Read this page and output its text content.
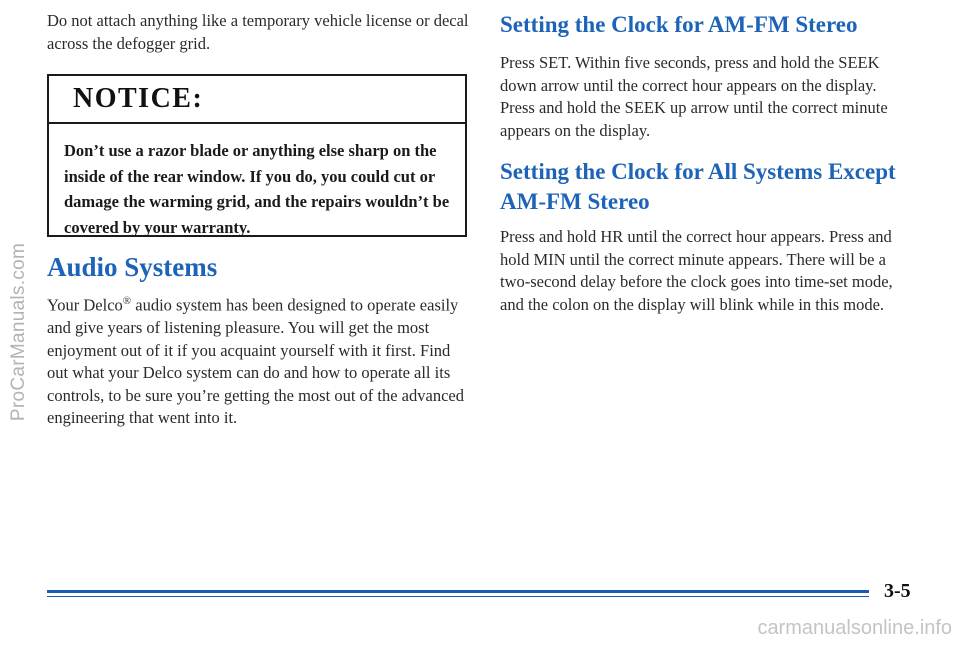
ProCarManuals.com

Do not attach anything like a temporary vehicle license or decal across the defogger grid.

NOTICE:
Don’t use a razor blade or anything else sharp on the inside of the rear window. If you do, you could cut or damage the warming grid, and the repairs wouldn’t be covered by your warranty.
Audio Systems

Your Delco® audio system has been designed to operate easily and give years of listening pleasure. You will get the most enjoyment out of it if you acquaint yourself with it first. Find out what your Delco system can do and how to operate all its controls, to be sure you’re getting the most out of the advanced engineering that went into it.

Setting the Clock for AM-FM Stereo

Press SET. Within five seconds, press and hold the SEEK down arrow until the correct hour appears on the display. Press and hold the SEEK up arrow until the correct minute appears on the display.

Setting the Clock for All Systems Except AM-FM Stereo

Press and hold HR until the correct hour appears. Press and hold MIN until the correct minute appears. There will be a two-second delay before the clock goes into time-set mode, and the colon on the display will blink while in this mode.

3-5
carmanualsonline.info
